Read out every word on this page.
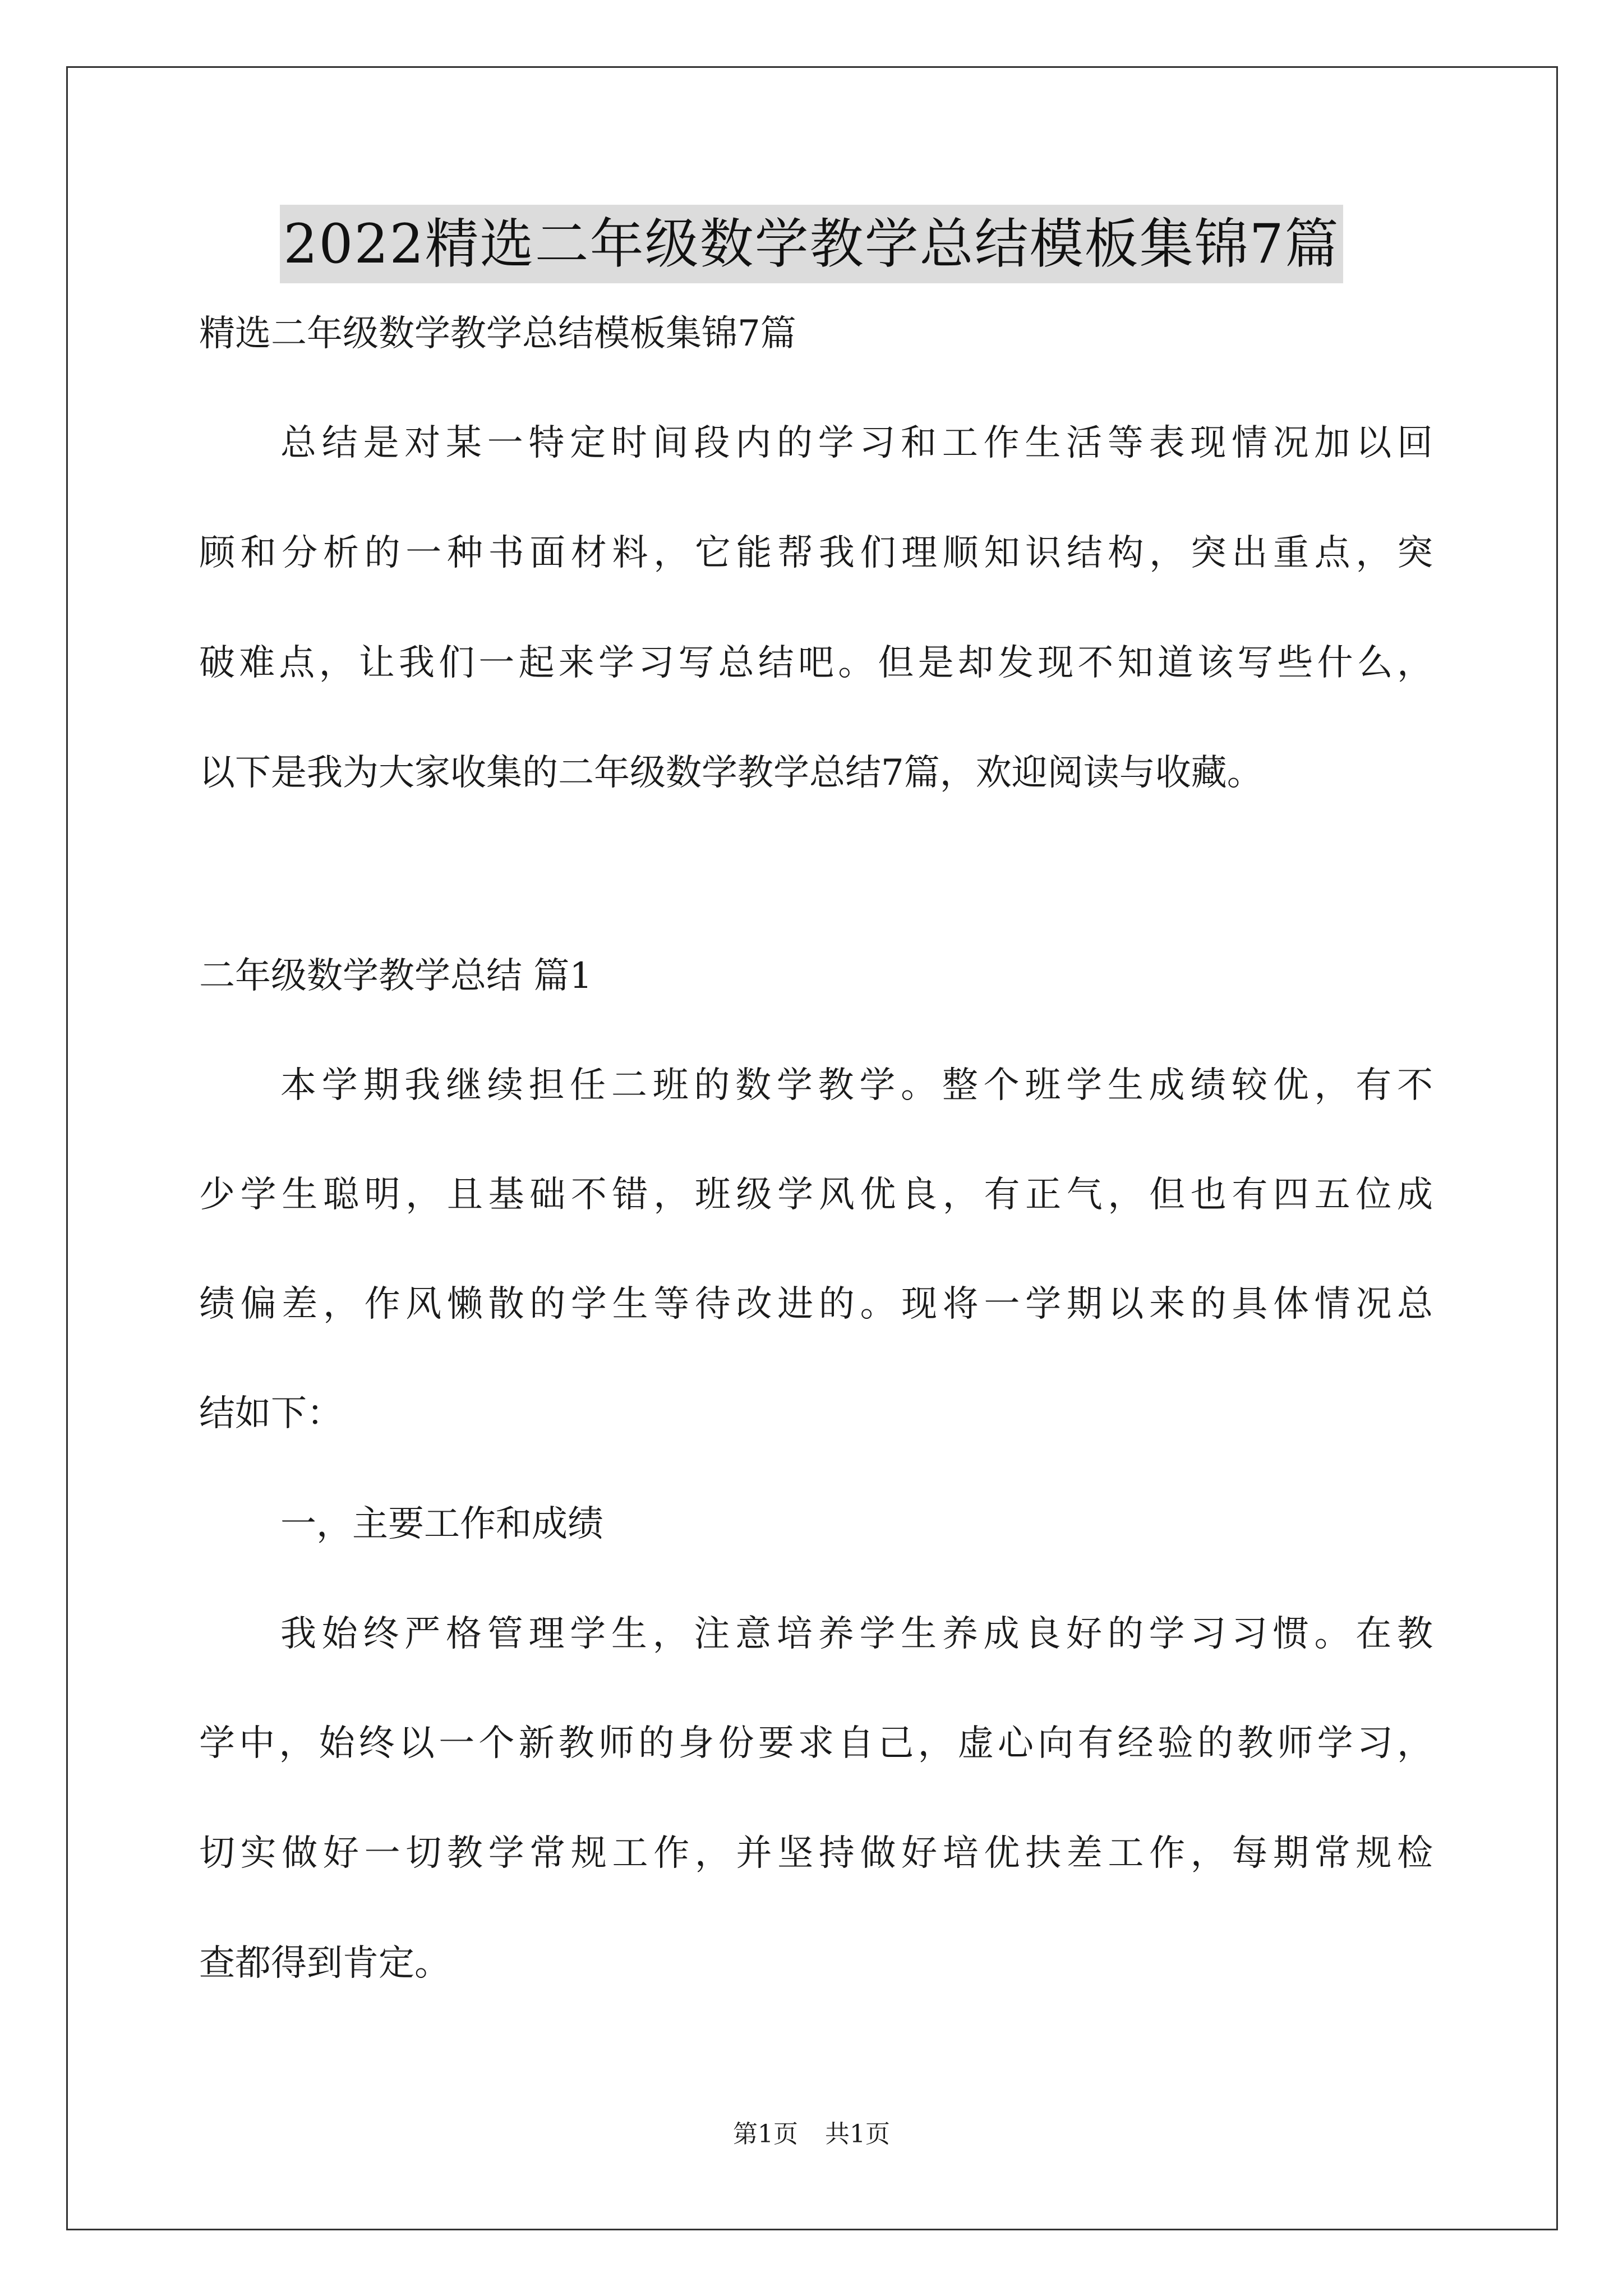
2022精选二年级数学教学总结模板集锦7篇
精选二年级数学教学总结模板集锦7篇
总结是对某一特定时间段内的学习和工作生活等表现情况加以回
顾和分析的一种书面材料，它能帮我们理顺知识结构，突出重点，突
破难点，让我们一起来学习写总结吧。但是却发现不知道该写些什么，
以下是我为大家收集的二年级数学教学总结7篇，欢迎阅读与收藏。
二年级数学教学总结 篇1
本学期我继续担任二班的数学教学。整个班学生成绩较优，有不
少学生聪明，且基础不错，班级学风优良，有正气，但也有四五位成
绩偏差，作风懒散的学生等待改进的。现将一学期以来的具体情况总
结如下：
一，主要工作和成绩
我始终严格管理学生，注意培养学生养成良好的学习习惯。在教
学中，始终以一个新教师的身份要求自己，虚心向有经验的教师学习，
切实做好一切教学常规工作，并坚持做好培优扶差工作，每期常规检
查都得到肯定。
第1页 共1页
